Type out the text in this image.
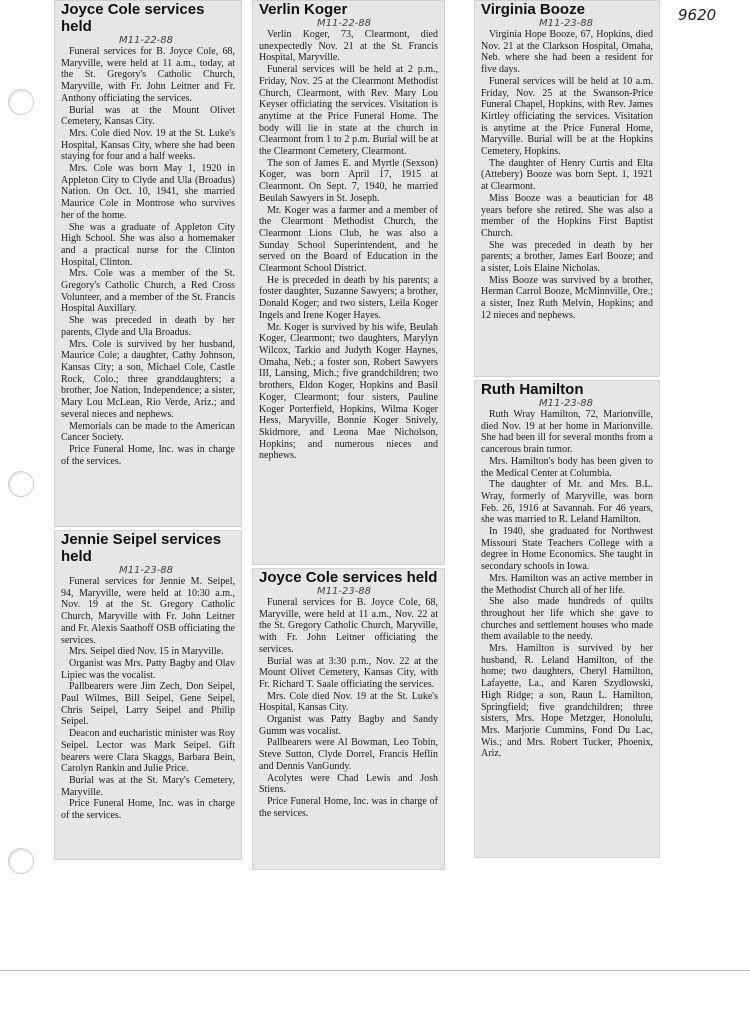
9620
Joyce Cole services held
M11-22-88

Funeral services for B. Joyce Cole, 68, Maryville, were held at 11 a.m., today, at the St. Gregory's Catholic Church, Maryville, with Fr. John Leitner and Fr. Anthony officiating the services.

Burial was at the Mount Olivet Cemetery, Kansas City.

Mrs. Cole died Nov. 19 at the St. Luke's Hospital, Kansas City, where she had been staying for four and a half weeks.

Mrs. Cole was born May 1, 1920 in Appleton City to Clyde and Ula (Broadus) Nation. On Oct. 10, 1941, she married Maurice Cole in Montrose who survives her of the home.

She was a graduate of Appleton City High School. She was also a homemaker and a practical nurse for the Clinton Hospital, Clinton.

Mrs. Cole was a member of the St. Gregory's Catholic Church, a Red Cross Volunteer, and a member of the St. Francis Hospital Auxillary.

She was preceded in death by her parents, Clyde and Ula Broadus.

Mrs. Cole is survived by her husband, Maurice Cole; a daughter, Cathy Johnson, Kansas City; a son, Michael Cole, Castle Rock, Colo.; three granddaughters; a brother, Joe Nation, Independence; a sister, Mary Lou McLean, Rio Verde, Ariz.; and several nieces and nephews.

Memorials can be made to the American Cancer Society.

Price Funeral Home, Inc. was in charge of the services.

Jennie Seipel services held
M11-23-88

Funeral services for Jennie M. Seipel, 94, Maryville, were held at 10:30 a.m., Nov. 19 at the St. Gregory Catholic Church, Maryville with Fr. John Leitner and Fr. Alexis Saathoff OSB officiating the services.

Mrs. Seipel died Nov. 15 in Maryville.

Organist was Mrs. Patty Bagby and Olav Lipiec was the vocalist.

Pallbearers were Jim Zech, Don Seipel, Paul Wilmes, Bill Seipel, Gene Seipel, Chris Seipel, Larry Seipel and Philip Seipel.

Deacon and eucharistic minister was Roy Seipel. Lector was Mark Seipel. Gift bearers were Clara Skaggs, Barbara Bein, Carolyn Rankin and Julie Price.

Burial was at the St. Mary's Cemetery, Maryville.

Price Funeral Home, Inc. was in charge of the services.

Verlin Koger
M11-22-88

Verlin Koger, 73, Clearmont, died unexpectedly Nov. 21 at the St. Francis Hospital, Maryville.

Funeral services will be held at 2 p.m., Friday, Nov. 25 at the Clearmont Methodist Church, Clearmont, with Rev. Mary Lou Keyser officiating the services. Visitation is anytime at the Price Funeral Home. The body will lie in state at the church in Clearmont from 1 to 2 p.m. Burial will be at the Clearmont Cemetery, Clearmont.

The son of James E. and Myrtle (Sexson) Koger, was born April 17, 1915 at Clearmont. On Sept. 7, 1940, he married Beulah Sawyers in St. Joseph.

Mr. Koger was a farmer and a member of the Clearmont Methodist Church, the Clearmont Lions Club, he was also a Sunday School Superintendent, and he served on the Board of Education in the Clearmont School District.

He is preceded in death by his parents; a foster daughter, Suzanne Sawyers; a brother, Donald Koger; and two sisters, Leila Koger Ingels and Irene Koger Hayes.

Mr. Koger is survived by his wife, Beulah Koger, Clearmont; two daughters, Marylyn Wilcox, Tarkio and Judyth Koger Haynes, Omaha, Neb.; a foster son, Robert Sawyers III, Lansing, Mich.; five grandchildren; two brothers, Eldon Koger, Hopkins and Basil Koger, Clearmont; four sisters, Pauline Koger Porterfield, Hopkins, Wilma Koger Hess, Maryville, Bonnie Koger Snively, Skidmore, and Leona Mae Nicholson, Hopkins; and numerous nieces and nephews.

Joyce Cole services held
M11-23-88

Funeral services for B. Joyce Cole, 68, Maryville, were held at 11 a.m., Nov. 22 at the St. Gregory Catholic Church, Maryville, with Fr. John Leitner officiating the services.

Burial was at 3:30 p.m., Nov. 22 at the Mount Olivet Cemetery, Kansas City, with Fr. Richard T. Saale officiating the services.

Mrs. Cole died Nov. 19 at the St. Luke's Hospital, Kansas City.

Organist was Patty Bagby and Sandy Gumm was vocalist.

Pallbearers were Al Bowman, Leo Tobin, Steve Sutton, Clyde Dorrel, Francis Heflin and Dennis VanGundy.

Acolytes were Chad Lewis and Josh Stiens.

Price Funeral Home, Inc. was in charge of the services.

Virginia Booze
M11-23-88

Virginia Hope Booze, 67, Hopkins, died Nov. 21 at the Clarkson Hospital, Omaha, Neb. where she had been a resident for five days.

Funeral services will be held at 10 a.m. Friday, Nov. 25 at the Swanson-Price Funeral Chapel, Hopkins, with Rev. James Kirtley officiating the services. Visitation is anytime at the Price Funeral Home, Maryville. Burial will be at the Hopkins Cemetery, Hopkins.

The daughter of Henry Curtis and Elta (Attebery) Booze was born Sept. 1, 1921 at Clearmont.

Miss Booze was a beautician for 48 years before she retired. She was also a member of the Hopkins First Baptist Church.

She was preceded in death by her parents; a brother, James Earl Booze; and a sister, Lois Elaine Nicholas.

Miss Booze was survived by a brother, Herman Carrol Booze, McMinnville, Ore.; a sister, Inez Ruth Melvin, Hopkins; and 12 nieces and nephews.

Ruth Hamilton
M11-23-88

Ruth Wray Hamilton, 72, Marionville, died Nov. 19 at her home in Marionville. She had been ill for several months from a cancerous brain tumor.

Mrs. Hamilton's body has been given to the Medical Center at Columbia.

The daughter of Mr. and Mrs. B.L. Wray, formerly of Maryville, was born Feb. 26, 1916 at Savannah. For 46 years, she was married to R. Leland Hamilton.

In 1940, she graduated for Northwest Missouri State Teachers College with a degree in Home Economics. She taught in secondary schools in Iowa.

Mrs. Hamilton was an active member in the Methodist Church all of her life.

She also made hundreds of quilts throughout her life which she gave to churches and settlement houses who made them available to the needy.

Mrs. Hamilton is survived by her husband, R. Leland Hamilton, of the home; two daughters, Cheryl Hamilton, Lafayette, La., and Karen Szydlowski, High Ridge; a son, Raun L. Hamilton, Springfield; five grandchildren; three sisters, Mrs. Hope Metzger, Honolulu, Mrs. Marjorie Cummins, Fond Du Lac, Wis.; and Mrs. Robert Tucker, Phoenix, Ariz.
